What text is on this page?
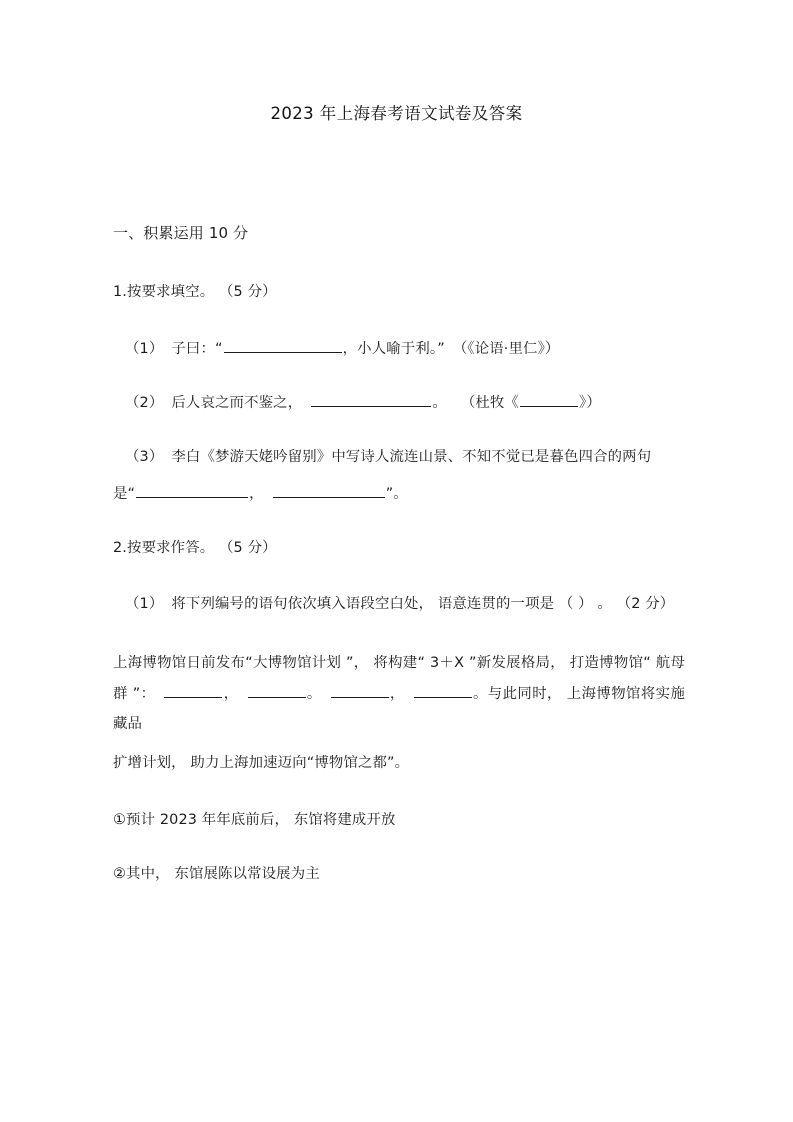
2023 年上海春考语文试卷及答案

一、积累运用 10 分

1.按要求填空。 （5 分）

（1） 子曰：“	，小人喻于利。” （《论语·里仁》）

（2） 后人哀之而不鉴之，	。 （杜牧《	》）

（3） 李白《梦游天姥吟留别》中写诗人流连山景、不知不觉已是暮色四合的两句

是“	，	”。

2.按要求作答。 （5 分）

（1） 将下列编号的语句依次填入语段空白处， 语意连贯的一项是 （ ） 。 （2 分）

上海博物馆日前发布“大博物馆计划 ”， 将构建“ 3＋X ”新发展格局， 打造博物馆“ 航母群 ”：	，	。	，	。与此同时， 上海博物馆将实施藏品

扩增计划， 助力上海加速迈向“博物馆之都”。

①预计 2023 年年底前后， 东馆将建成开放

②其中， 东馆展陈以常设展为主
